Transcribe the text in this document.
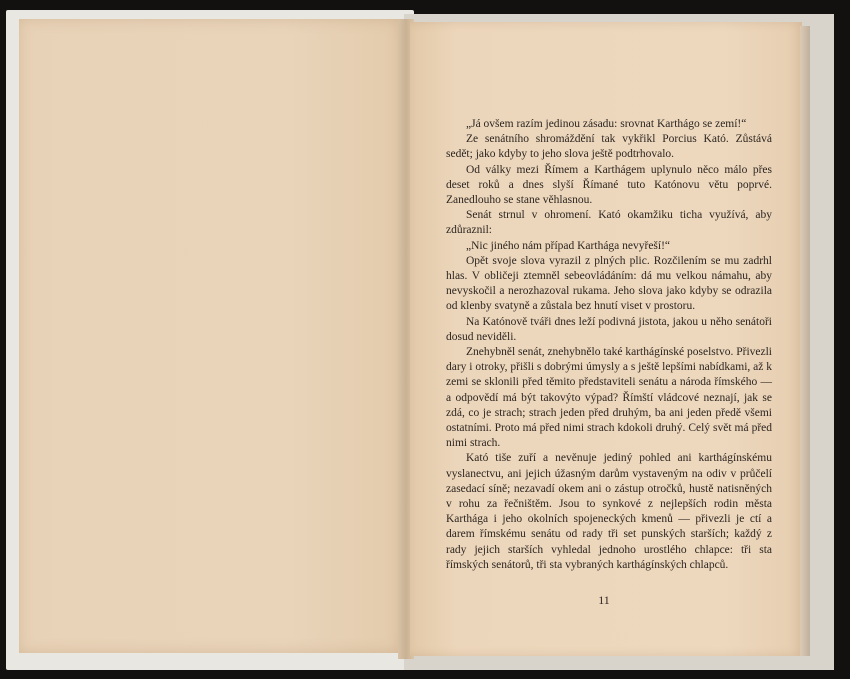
„Já ovšem razím jedinou zásadu: srovnat Karthágo se zemí!“

Ze senátního shromáždění tak vykřikl Porcius Kató. Zůstává sedět; jako kdyby to jeho slova ještě podtrhovalo.

Od války mezi Římem a Karthágem uplynulo něco málo přes deset roků a dnes slyší Římané tuto Katónovu větu poprvé. Zanedlouho se stane věhlasnou.

Senát strnul v ohromení. Kató okamžiku ticha využívá, aby zdůraznil:

„Nic jiného nám případ Karthága nevyřeší!“

Opět svoje slova vyrazil z plných plic. Rozčilením se mu zadrhl hlas. V obličeji ztemněl sebeovládáním: dá mu velkou námahu, aby nevyskočil a nerozhazoval rukama. Jeho slova jako kdyby se odrazila od klenby svatyně a zůstala bez hnutí viset v prostoru.

Na Katónově tváři dnes leží podivná jistota, jakou u něho senátoři dosud neviděli.

Znehybněl senát, znehybnělo také karthágínské poselstvo. Přivezli dary i otroky, přišli s dobrými úmysly a s ještě lepšími nabídkami, až k zemi se sklonili před těmito představiteli senátu a národa římského — a odpovědí má být takovýto výpad? Římští vládcové neznají, jak se zdá, co je strach; strach jeden před druhým, ba ani jeden předě všemi ostatními. Proto má před nimi strach kdokoli druhý. Celý svět má před nimi strach.

Kató tiše zuří a nevěnuje jediný pohled ani karthágínskému vyslanectvu, ani jejich úžasným darům vystaveným na odiv v průčelí zasedací síně; nezavadí okem ani o zástup otročků, hustě natisněných v rohu za řečništěm. Jsou to synkové z nejlepších rodin města Karthága i jeho okolních spojeneckých kmenů — přivezli je ctí a darem římskému senátu od rady tři set punských starších; každý z rady jejich starších vyhledal jednoho urostlého chlapce: tři sta římských senátorů, tři sta vybraných karthágínských chlapců.

11
